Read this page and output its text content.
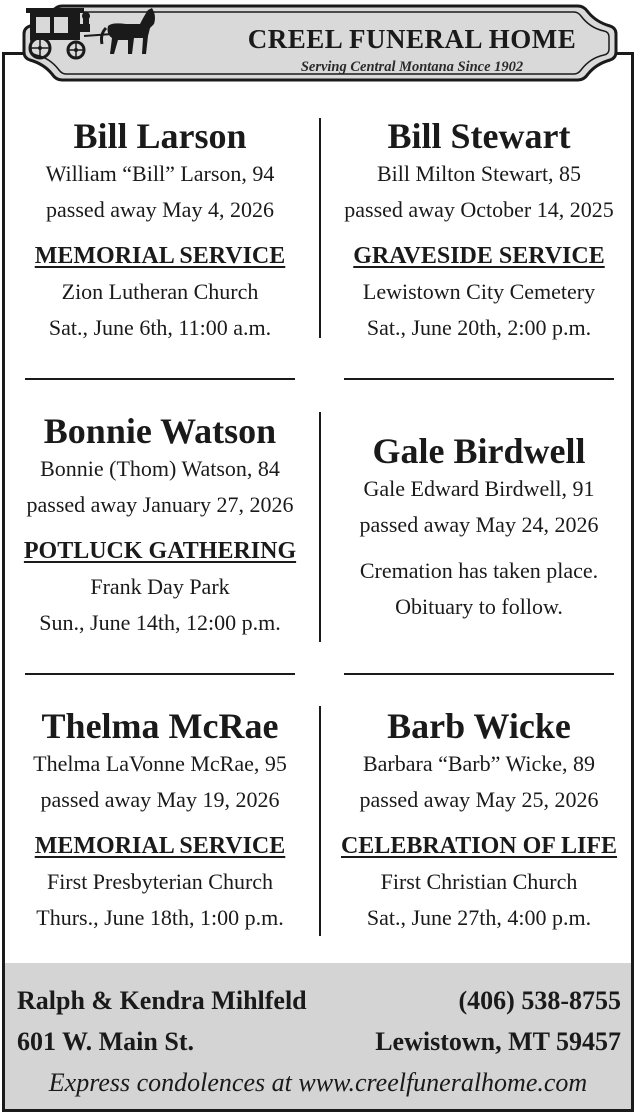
CREEL FUNERAL HOME
Serving Central Montana Since 1902
Bill Larson
William “Bill” Larson, 94
passed away May 4, 2026
MEMORIAL SERVICE
Zion Lutheran Church
Sat., June 6th, 11:00 a.m.
Bill Stewart
Bill Milton Stewart, 85
passed away October 14, 2025
GRAVESIDE SERVICE
Lewistown City Cemetery
Sat., June 20th, 2:00 p.m.
Bonnie Watson
Bonnie (Thom) Watson, 84
passed away January 27, 2026
POTLUCK GATHERING
Frank Day Park
Sun., June 14th, 12:00 p.m.
Gale Birdwell
Gale Edward Birdwell, 91
passed away May 24, 2026
Cremation has taken place.
Obituary to follow.
Thelma McRae
Thelma LaVonne McRae, 95
passed away May 19, 2026
MEMORIAL SERVICE
First Presbyterian Church
Thurs., June 18th, 1:00 p.m.
Barb Wicke
Barbara “Barb” Wicke, 89
passed away May 25, 2026
CELEBRATION OF LIFE
First Christian Church
Sat., June 27th, 4:00 p.m.
Ralph & Kendra Mihlfeld	(406) 538-8755
601 W. Main St.	Lewistown, MT 59457
Express condolences at www.creelfuneralhome.com
